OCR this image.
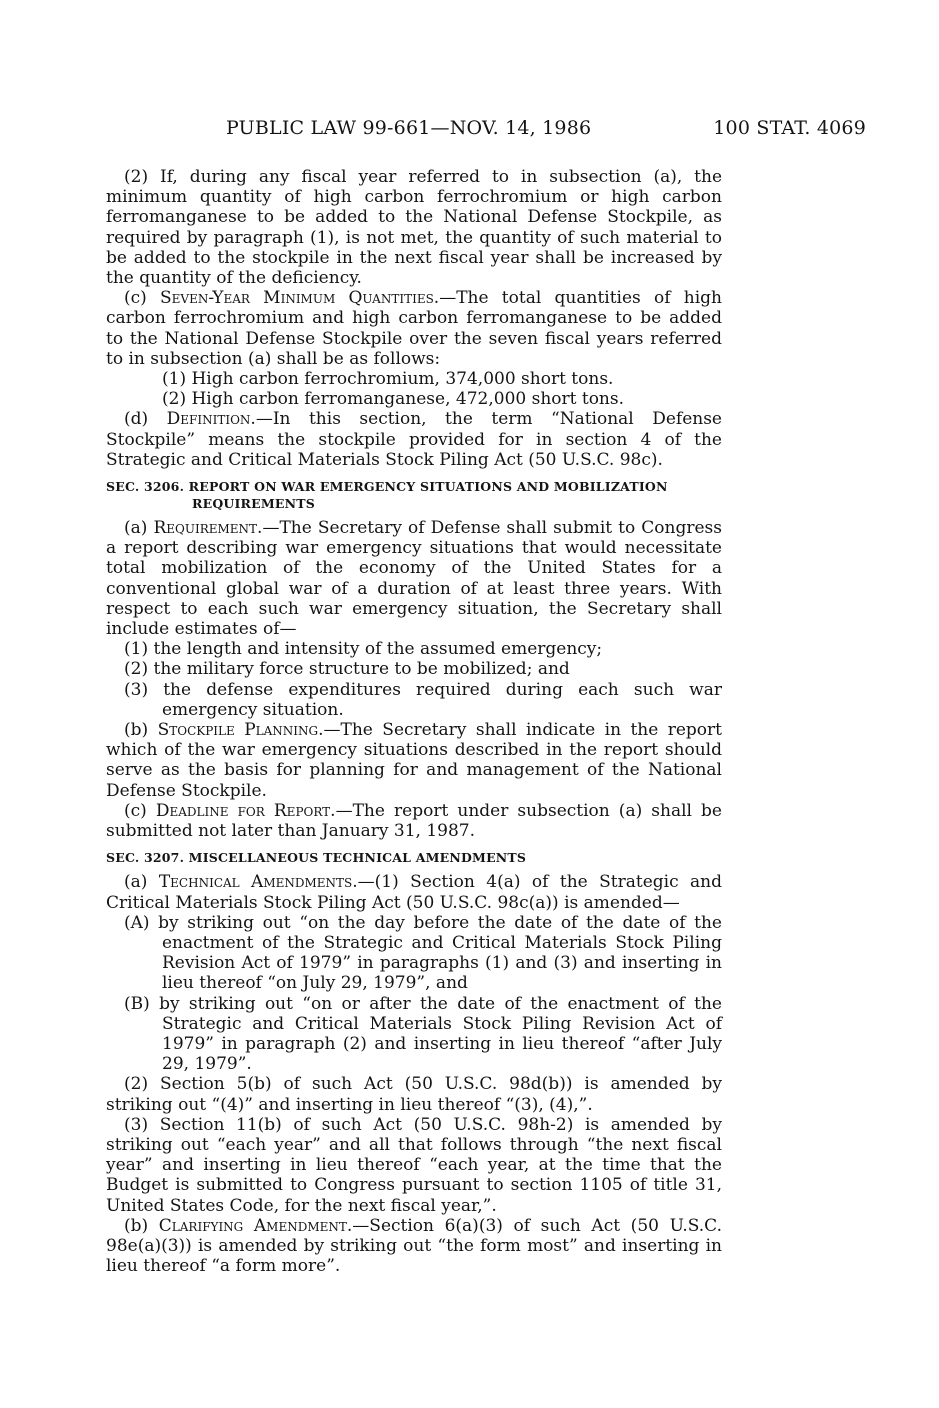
PUBLIC LAW 99-661—NOV. 14, 1986	100 STAT. 4069

(2) If, during any fiscal year referred to in subsection (a), the minimum quantity of high carbon ferrochromium or high carbon ferromanganese to be added to the National Defense Stockpile, as required by paragraph (1), is not met, the quantity of such material to be added to the stockpile in the next fiscal year shall be increased by the quantity of the deficiency.

(c) Seven-Year Minimum Quantities.—The total quantities of high carbon ferrochromium and high carbon ferromanganese to be added to the National Defense Stockpile over the seven fiscal years referred to in subsection (a) shall be as follows:

(1) High carbon ferrochromium, 374,000 short tons.

(2) High carbon ferromanganese, 472,000 short tons.

(d) Definition.—In this section, the term “National Defense Stockpile” means the stockpile provided for in section 4 of the Strategic and Critical Materials Stock Piling Act (50 U.S.C. 98c).

SEC. 3206. REPORT ON WAR EMERGENCY SITUATIONS AND MOBILIZATION REQUIREMENTS

(a) Requirement.—The Secretary of Defense shall submit to Congress a report describing war emergency situations that would necessitate total mobilization of the economy of the United States for a conventional global war of a duration of at least three years. With respect to each such war emergency situation, the Secretary shall include estimates of—

(1) the length and intensity of the assumed emergency;

(2) the military force structure to be mobilized; and

(3) the defense expenditures required during each such war emergency situation.

(b) Stockpile Planning.—The Secretary shall indicate in the report which of the war emergency situations described in the report should serve as the basis for planning for and management of the National Defense Stockpile.

(c) Deadline for Report.—The report under subsection (a) shall be submitted not later than January 31, 1987.

SEC. 3207. MISCELLANEOUS TECHNICAL AMENDMENTS

(a) Technical Amendments.—(1) Section 4(a) of the Strategic and Critical Materials Stock Piling Act (50 U.S.C. 98c(a)) is amended—

(A) by striking out “on the day before the date of the date of the enactment of the Strategic and Critical Materials Stock Piling Revision Act of 1979” in paragraphs (1) and (3) and inserting in lieu thereof “on July 29, 1979”, and

(B) by striking out “on or after the date of the enactment of the Strategic and Critical Materials Stock Piling Revision Act of 1979” in paragraph (2) and inserting in lieu thereof “after July 29, 1979”.

(2) Section 5(b) of such Act (50 U.S.C. 98d(b)) is amended by striking out “(4)” and inserting in lieu thereof “(3), (4),”.

(3) Section 11(b) of such Act (50 U.S.C. 98h-2) is amended by striking out “each year” and all that follows through “the next fiscal year” and inserting in lieu thereof “each year, at the time that the Budget is submitted to Congress pursuant to section 1105 of title 31, United States Code, for the next fiscal year,”.

(b) Clarifying Amendment.—Section 6(a)(3) of such Act (50 U.S.C. 98e(a)(3)) is amended by striking out “the form most” and inserting in lieu thereof “a form more”.
